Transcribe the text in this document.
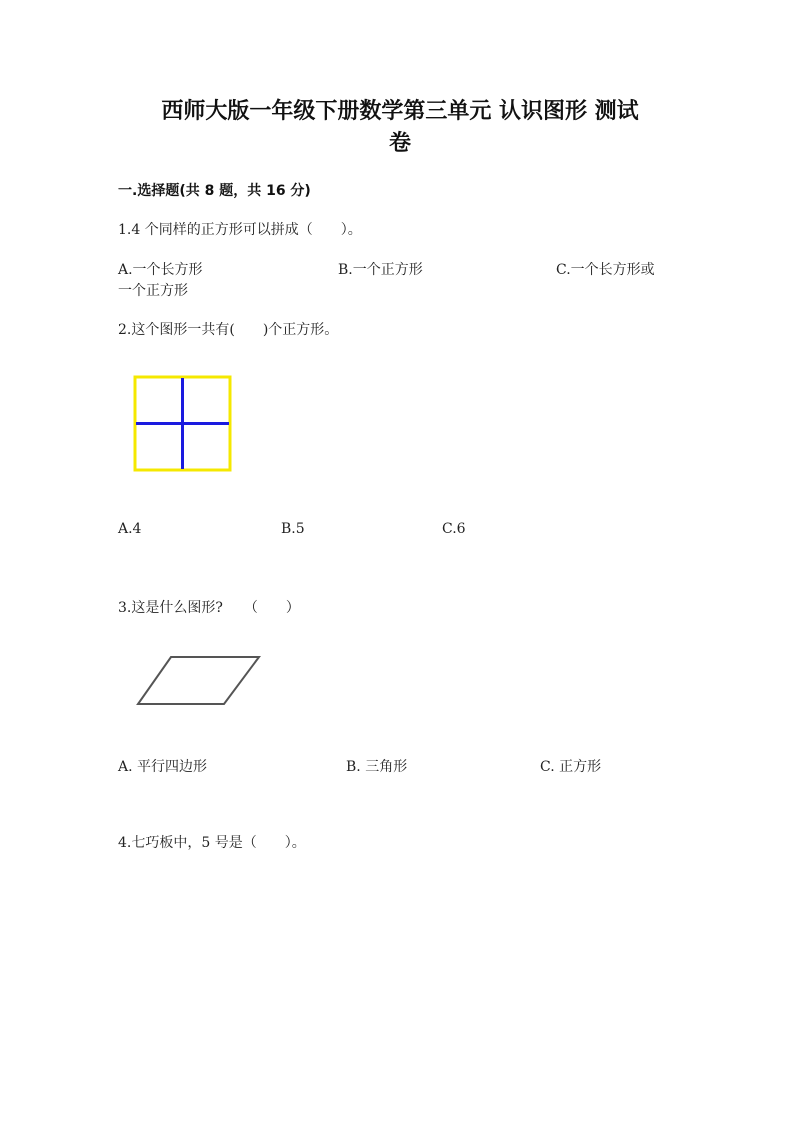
西师大版一年级下册数学第三单元 认识图形 测试
卷
一.选择题(共 8 题，共 16 分)
1.4 个同样的正方形可以拼成（　　）。
A.一个长方形	B.一个正方形	C.一个长方形或
一个正方形
2.这个图形一共有(　　)个正方形。
A.4	B.5	C.6
3.这是什么图形?　　（　　）
A. 平行四边形	B. 三角形	C. 正方形
4.七巧板中，5 号是（　　）。
